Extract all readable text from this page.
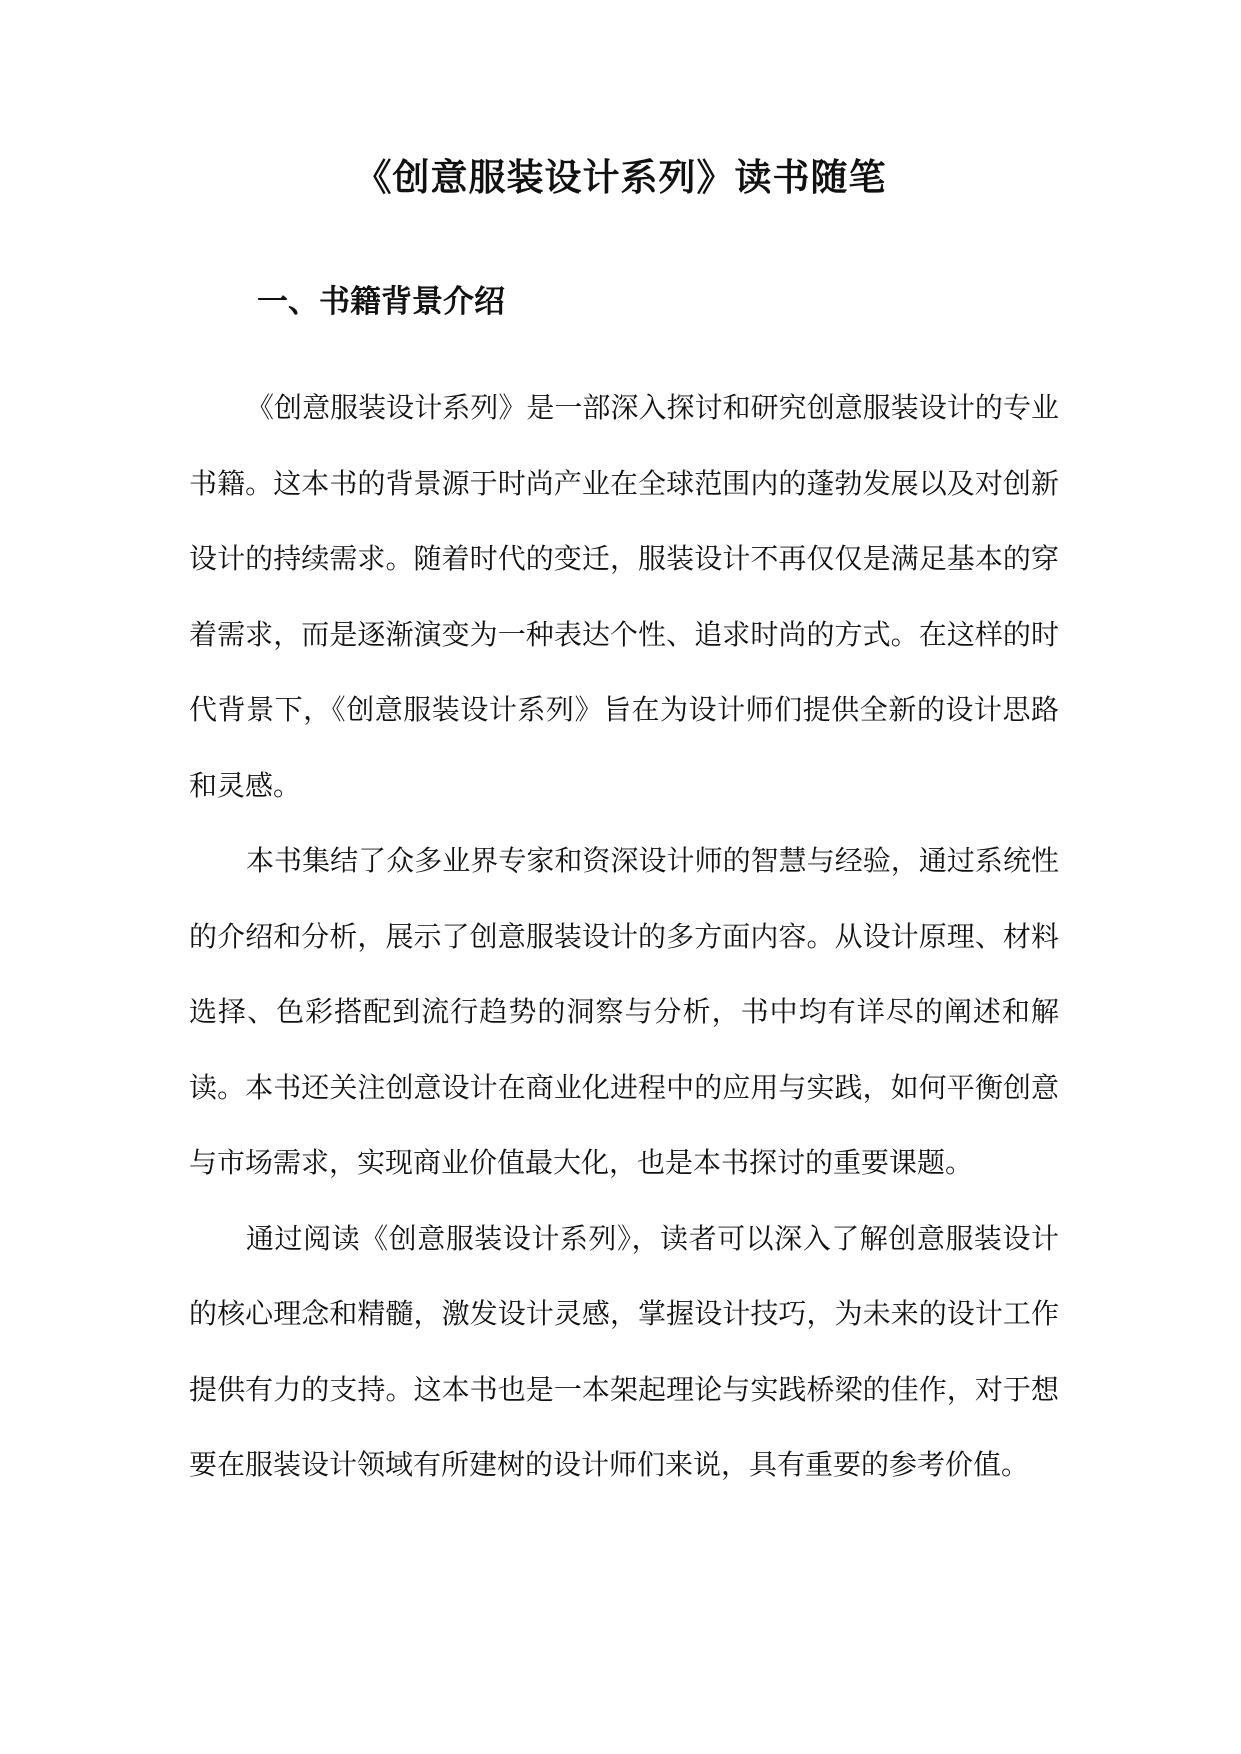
《创意服装设计系列》读书随笔
一、书籍背景介绍

《创意服装设计系列》是一部深入探讨和研究创意服装设计的专业书籍。这本书的背景源于时尚产业在全球范围内的蓬勃发展以及对创新设计的持续需求。随着时代的变迁，服装设计不再仅仅是满足基本的穿着需求，而是逐渐演变为一种表达个性、追求时尚的方式。在这样的时代背景下，《创意服装设计系列》旨在为设计师们提供全新的设计思路和灵感。

本书集结了众多业界专家和资深设计师的智慧与经验，通过系统性的介绍和分析，展示了创意服装设计的多方面内容。从设计原理、材料选择、色彩搭配到流行趋势的洞察与分析，书中均有详尽的阐述和解读。本书还关注创意设计在商业化进程中的应用与实践，如何平衡创意与市场需求，实现商业价值最大化，也是本书探讨的重要课题。

通过阅读《创意服装设计系列》，读者可以深入了解创意服装设计的核心理念和精髓，激发设计灵感，掌握设计技巧，为未来的设计工作提供有力的支持。这本书也是一本架起理论与实践桥梁的佳作，对于想要在服装设计领域有所建树的设计师们来说，具有重要的参考价值。
